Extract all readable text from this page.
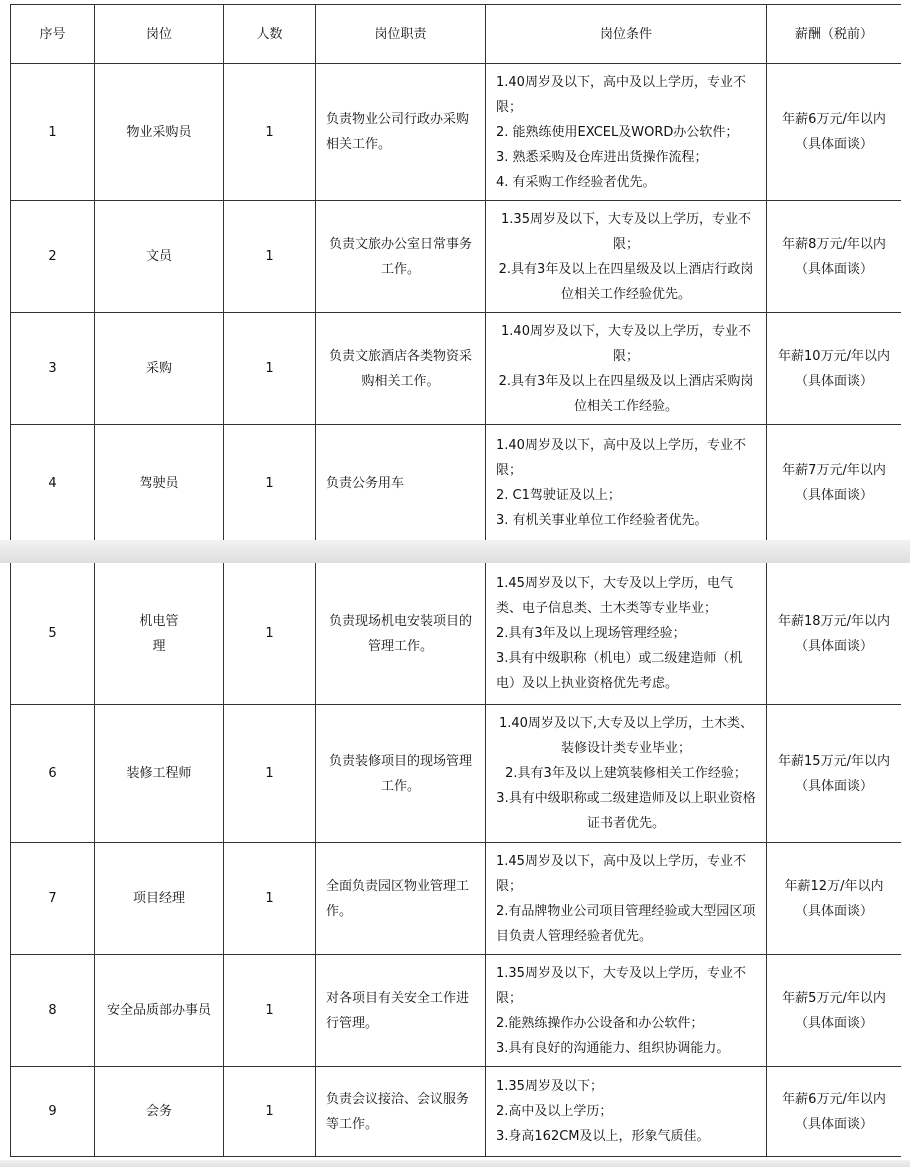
序号	岗位	人数	岗位职责	岗位条件	薪酬（税前）
1	物业采购员	1	负责物业公司行政办采购相关工作。	1.40周岁及以下，高中及以上学历，专业不限；
2. 能熟练使用EXCEL及WORD办公软件；
3. 熟悉采购及仓库进出货操作流程；
4. 有采购工作经验者优先。	年薪6万元/年以内（具体面谈）
2	文员	1	负责文旅办公室日常事务工作。	1.35周岁及以下，大专及以上学历，专业不限；
2.具有3年及以上在四星级及以上酒店行政岗位相关工作经验优先。	年薪8万元/年以内（具体面谈）
3	采购	1	负责文旅酒店各类物资采购相关工作。	1.40周岁及以下，大专及以上学历，专业不限；
2.具有3年及以上在四星级及以上酒店采购岗位相关工作经验。	年薪10万元/年以内（具体面谈）
4	驾驶员	1	负责公务用车	1.40周岁及以下，高中及以上学历，专业不限；
2. C1驾驶证及以上；
3. 有机关事业单位工作经验者优先。	年薪7万元/年以内（具体面谈）
5	机电管理	1	负责现场机电安装项目的管理工作。	1.45周岁及以下，大专及以上学历，电气类、电子信息类、土木类等专业毕业；
2.具有3年及以上现场管理经验；
3.具有中级职称（机电）或二级建造师（机电）及以上执业资格优先考虑。	年薪18万元/年以内（具体面谈）
6	装修工程师	1	负责装修项目的现场管理工作。	1.40周岁及以下,大专及以上学历，土木类、装修设计类专业毕业；
2.具有3年及以上建筑装修相关工作经验；
3.具有中级职称或二级建造师及以上职业资格证书者优先。	年薪15万元/年以内（具体面谈）
7	项目经理	1	全面负责园区物业管理工作。	1.45周岁及以下，高中及以上学历，专业不限；
2.有品牌物业公司项目管理经验或大型园区项目负责人管理经验者优先。	年薪12万/年以内（具体面谈）
8	安全品质部办事员	1	对各项目有关安全工作进行管理。	1.35周岁及以下，大专及以上学历，专业不限；
2.能熟练操作办公设备和办公软件；
3.具有良好的沟通能力、组织协调能力。	年薪5万元/年以内（具体面谈）
9	会务	1	负责会议接洽、会议服务等工作。	1.35周岁及以下；
2.高中及以上学历；
3.身高162CM及以上，形象气质佳。	年薪6万元/年以内（具体面谈）
